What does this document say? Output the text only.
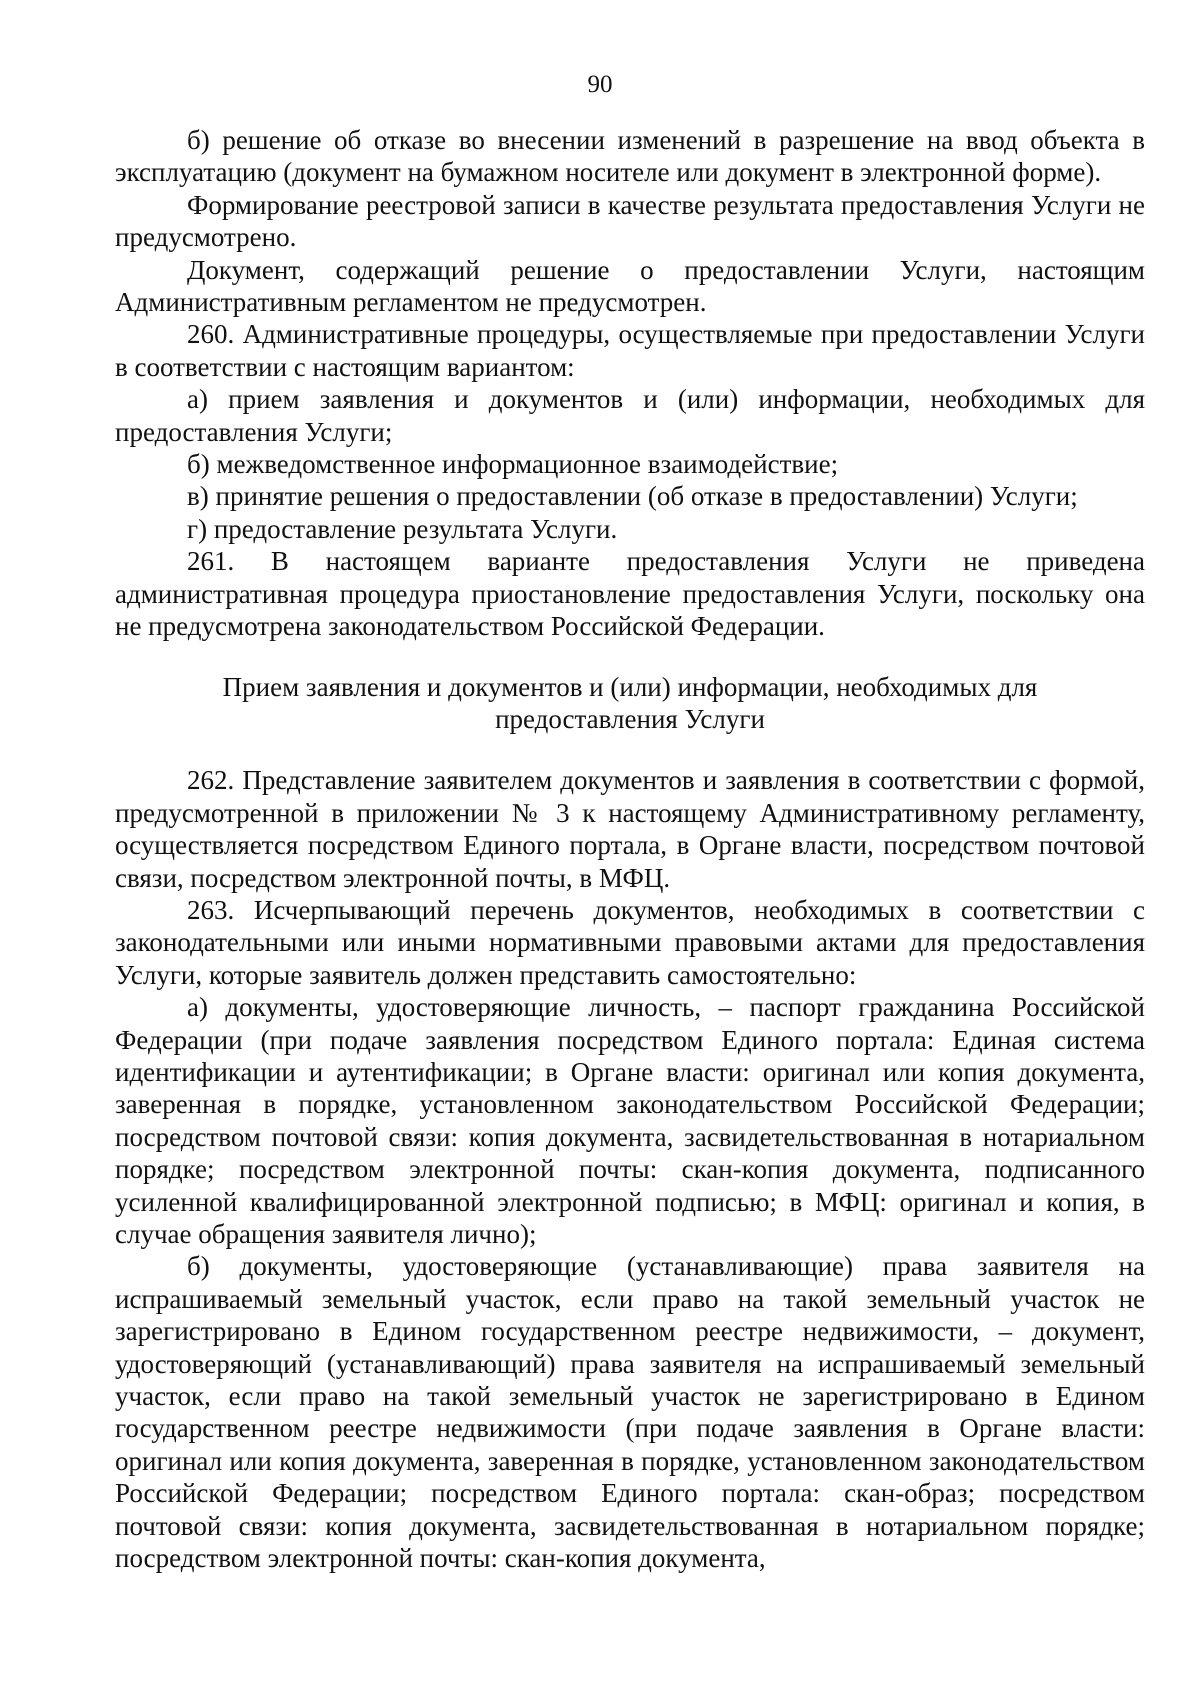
90

б) решение об отказе во внесении изменений в разрешение на ввод объекта в эксплуатацию (документ на бумажном носителе или документ в электронной форме).

Формирование реестровой записи в качестве результата предоставления Услуги не предусмотрено.

Документ, содержащий решение о предоставлении Услуги, настоящим Административным регламентом не предусмотрен.

260. Административные процедуры, осуществляемые при предоставлении Услуги в соответствии с настоящим вариантом:

а) прием заявления и документов и (или) информации, необходимых для предоставления Услуги;

б) межведомственное информационное взаимодействие;

в) принятие решения о предоставлении (об отказе в предоставлении) Услуги;

г) предоставление результата Услуги.

261. В настоящем варианте предоставления Услуги не приведена административная процедура приостановление предоставления Услуги, поскольку она не предусмотрена законодательством Российской Федерации.

Прием заявления и документов и (или) информации, необходимых для
предоставления Услуги

262. Представление заявителем документов и заявления в соответствии с формой, предусмотренной в приложении № 3 к настоящему Административному регламенту, осуществляется посредством Единого портала, в Органе власти, посредством почтовой связи, посредством электронной почты, в МФЦ.

263. Исчерпывающий перечень документов, необходимых в соответствии с законодательными или иными нормативными правовыми актами для предоставления Услуги, которые заявитель должен представить самостоятельно:

а) документы, удостоверяющие личность, – паспорт гражданина Российской Федерации (при подаче заявления посредством Единого портала: Единая система идентификации и аутентификации; в Органе власти: оригинал или копия документа, заверенная в порядке, установленном законодательством Российской Федерации; посредством почтовой связи: копия документа, засвидетельствованная в нотариальном порядке; посредством электронной почты: скан-копия документа, подписанного усиленной квалифицированной электронной подписью; в МФЦ: оригинал и копия, в случае обращения заявителя лично);

б) документы, удостоверяющие (устанавливающие) права заявителя на испрашиваемый земельный участок, если право на такой земельный участок не зарегистрировано в Едином государственном реестре недвижимости, – документ, удостоверяющий (устанавливающий) права заявителя на испрашиваемый земельный участок, если право на такой земельный участок не зарегистрировано в Едином государственном реестре недвижимости (при подаче заявления в Органе власти: оригинал или копия документа, заверенная в порядке, установленном законодательством Российской Федерации; посредством Единого портала: скан-образ; посредством почтовой связи: копия документа, засвидетельствованная в нотариальном порядке; посредством электронной почты: скан-копия документа,
